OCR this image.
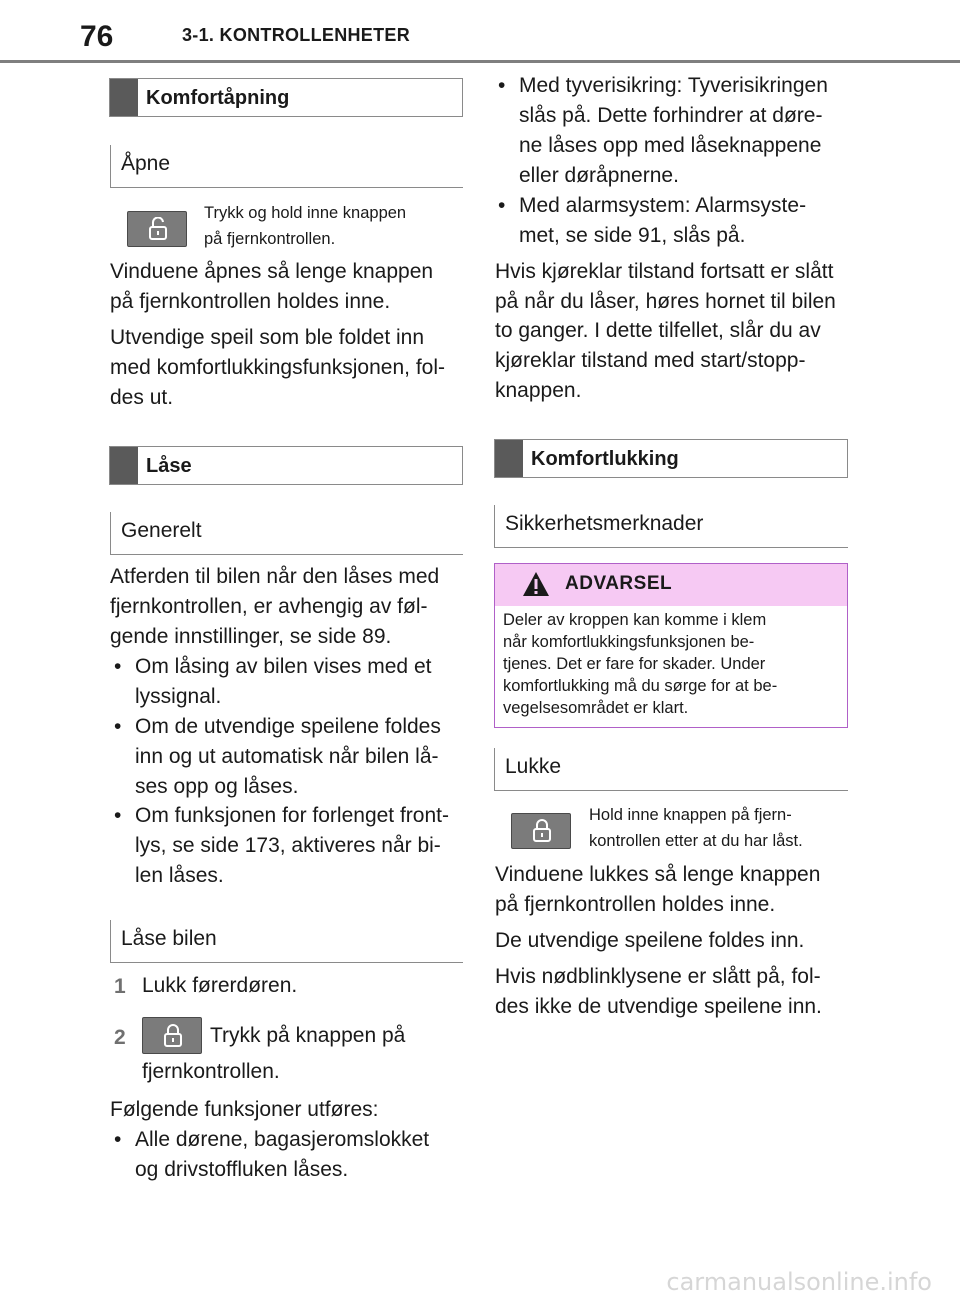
76	3-1. KONTROLLENHETER
Komfortåpning
Åpne
Trykk og hold inne knappen
på fjernkontrollen.
Vinduene åpnes så lenge knappen
på fjernkontrollen holdes inne.
Utvendige speil som ble foldet inn
med komfortlukkingsfunksjonen, fol-
des ut.
Låse
Generelt
Atferden til bilen når den låses med
fjernkontrollen, er avhengig av føl-
gende innstillinger, se side 89.
• Om låsing av bilen vises med et
lyssignal.
• Om de utvendige speilene foldes
inn og ut automatisk når bilen lå-
ses opp og låses.
• Om funksjonen for forlenget front-
lys, se side 173, aktiveres når bi-
len låses.
Låse bilen
1 Lukk førerdøren.
2	Trykk på knappen på
fjernkontrollen.
Følgende funksjoner utføres:
• Alle dørene, bagasjeromslokket
og drivstoffluken låses.
• Med tyverisikring: Tyverisikringen
slås på. Dette forhindrer at døre-
ne låses opp med låseknappene
eller døråpnerne.
• Med alarmsystem: Alarmsyste-
met, se side 91, slås på.
Hvis kjøreklar tilstand fortsatt er slått
på når du låser, høres hornet til bilen
to ganger. I dette tilfellet, slår du av
kjøreklar tilstand med start/stopp-
knappen.
Komfortlukking
Sikkerhetsmerknader
ADVARSEL
Deler av kroppen kan komme i klem
når komfortlukkingsfunksjonen be-
tjenes. Det er fare for skader. Under
komfortlukking må du sørge for at be-
vegelsesområdet er klart.
Lukke
Hold inne knappen på fjern-
kontrollen etter at du har låst.
Vinduene lukkes så lenge knappen
på fjernkontrollen holdes inne.
De utvendige speilene foldes inn.
Hvis nødblinklysene er slått på, fol-
des ikke de utvendige speilene inn.
carmanualsonline.info
